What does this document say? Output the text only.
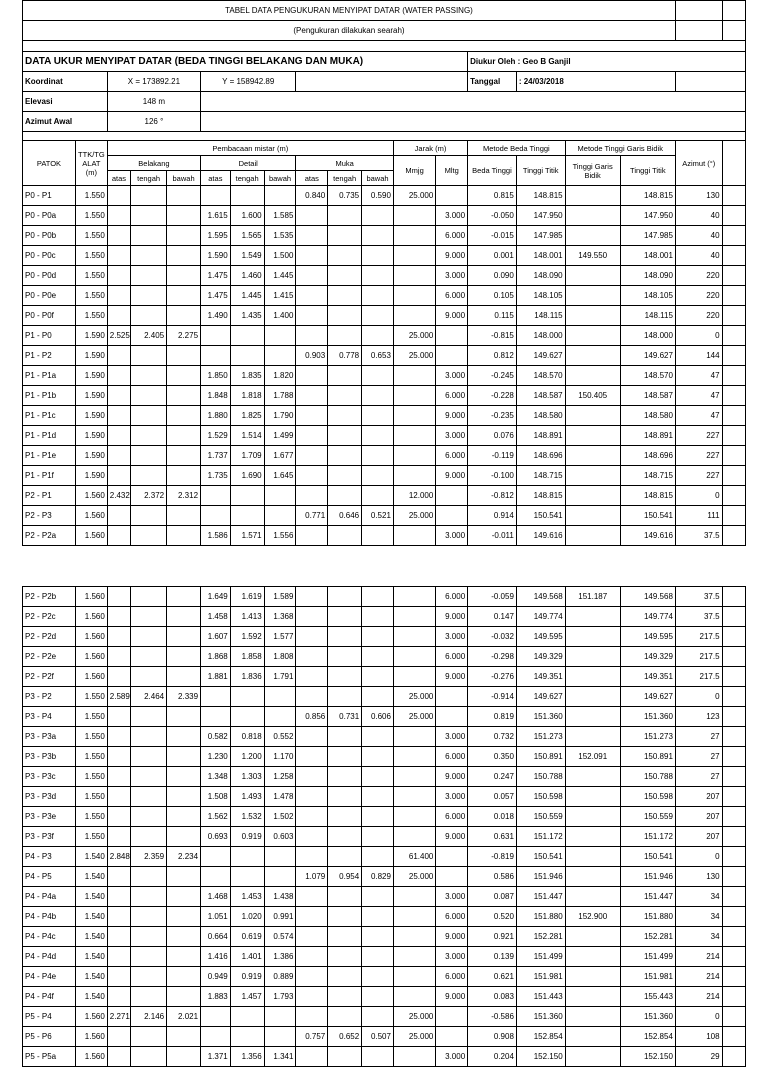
TABEL DATA PENGUKURAN MENYIPAT DATAR (WATER PASSING)																		
(Pengukuran dilakukan searah)																		

DATA UKUR MENYIPAT DATAR (BEDA TINGGI BELAKANG DAN MUKA)													Diukur Oleh : Geo B Ganjil					
Koordinat		X = 173892.21			Y = 158942.89								Tanggal	: 24/03/2018				
Elevasi		148 m																
Azimut Awal		126 °																

PATOK	TTK/TG ALAT (m)	Pembacaan mistar (m)									Jarak (m)		Metode Beda Tinggi		Metode Tinggi Garis Bidik		Azimut (°)	
		Belakang			Detail			Muka			Mmjg	Mltg	Beda Tinggi	Tinggi Titik	Tinggi Garis Bidik	Tinggi Titik		
		atas	tengah	bawah	atas	tengah	bawah	atas	tengah	bawah								
P0 - P1	1.550							0.840	0.735	0.590	25.000		0.815	148.815		148.815	130	
P0 - P0a	1.550				1.615	1.600	1.585					3.000	-0.050	147.950		147.950	40	
P0 - P0b	1.550				1.595	1.565	1.535					6.000	-0.015	147.985		147.985	40	
P0 - P0c	1.550				1.590	1.549	1.500					9.000	0.001	148.001	149.550	148.001	40	
P0 - P0d	1.550				1.475	1.460	1.445					3.000	0.090	148.090		148.090	220	
P0 - P0e	1.550				1.475	1.445	1.415					6.000	0.105	148.105		148.105	220	
P0 - P0f	1.550				1.490	1.435	1.400					9.000	0.115	148.115		148.115	220	
P1 - P0	1.590	2.525	2.405	2.275							25.000		-0.815	148.000		148.000	0	
P1 - P2	1.590							0.903	0.778	0.653	25.000		0.812	149.627		149.627	144	
P1 - P1a	1.590				1.850	1.835	1.820					3.000	-0.245	148.570		148.570	47	
P1 - P1b	1.590				1.848	1.818	1.788					6.000	-0.228	148.587	150.405	148.587	47	
P1 - P1c	1.590				1.880	1.825	1.790					9.000	-0.235	148.580		148.580	47	
P1 - P1d	1.590				1.529	1.514	1.499					3.000	0.076	148.891		148.891	227	
P1 - P1e	1.590				1.737	1.709	1.677					6.000	-0.119	148.696		148.696	227	
P1 - P1f	1.590				1.735	1.690	1.645					9.000	-0.100	148.715		148.715	227	
P2 - P1	1.560	2.432	2.372	2.312							12.000		-0.812	148.815		148.815	0	
P2 - P3	1.560							0.771	0.646	0.521	25.000		0.914	150.541		150.541	111	
P2 - P2a	1.560				1.586	1.571	1.556					3.000	-0.011	149.616		149.616	37.5	
P2 - P2b	1.560				1.649	1.619	1.589					6.000	-0.059	149.568	151.187	149.568	37.5	
P2 - P2c	1.560				1.458	1.413	1.368					9.000	0.147	149.774		149.774	37.5	
P2 - P2d	1.560				1.607	1.592	1.577					3.000	-0.032	149.595		149.595	217.5	
P2 - P2e	1.560				1.868	1.858	1.808					6.000	-0.298	149.329		149.329	217.5	
P2 - P2f	1.560				1.881	1.836	1.791					9.000	-0.276	149.351		149.351	217.5	
P3 - P2	1.550	2.589	2.464	2.339							25.000		-0.914	149.627		149.627	0	
P3 - P4	1.550							0.856	0.731	0.606	25.000		0.819	151.360		151.360	123	
P3 - P3a	1.550				0.582	0.818	0.552					3.000	0.732	151.273		151.273	27	
P3 - P3b	1.550				1.230	1.200	1.170					6.000	0.350	150.891	152.091	150.891	27	
P3 - P3c	1.550				1.348	1.303	1.258					9.000	0.247	150.788		150.788	27	
P3 - P3d	1.550				1.508	1.493	1.478					3.000	0.057	150.598		150.598	207	
P3 - P3e	1.550				1.562	1.532	1.502					6.000	0.018	150.559		150.559	207	
P3 - P3f	1.550				0.693	0.919	0.603					9.000	0.631	151.172		151.172	207	
P4 - P3	1.540	2.848	2.359	2.234							61.400		-0.819	150.541		150.541	0	
P4 - P5	1.540							1.079	0.954	0.829	25.000		0.586	151.946		151.946	130	
P4 - P4a	1.540				1.468	1.453	1.438					3.000	0.087	151.447		151.447	34	
P4 - P4b	1.540				1.051	1.020	0.991					6.000	0.520	151.880	152.900	151.880	34	
P4 - P4c	1.540				0.664	0.619	0.574					9.000	0.921	152.281		152.281	34	
P4 - P4d	1.540				1.416	1.401	1.386					3.000	0.139	151.499		151.499	214	
P4 - P4e	1.540				0.949	0.919	0.889					6.000	0.621	151.981		151.981	214	
P4 - P4f	1.540				1.883	1.457	1.793					9.000	0.083	151.443		155.443	214	
P5 - P4	1.560	2.271	2.146	2.021							25.000		-0.586	151.360		151.360	0	
P5 - P6	1.560							0.757	0.652	0.507	25.000		0.908	152.854		152.854	108	
P5 - P5a	1.560				1.371	1.356	1.341					3.000	0.204	152.150		152.150	29	
